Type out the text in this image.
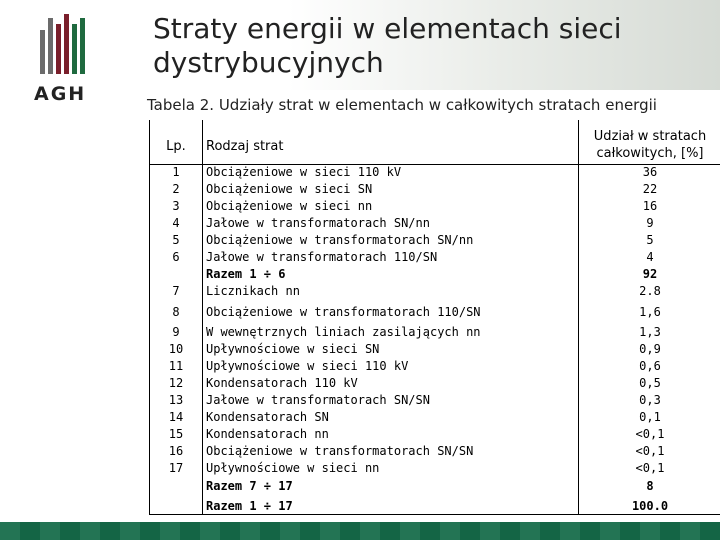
AGH
Straty energii w elementach sieci
dystrybucyjnych
Tabela 2. Udziały strat w elementach w całkowitych stratach energii
Lp.	Rodzaj strat
Udział w stratach
całkowitych, [%]
1	Obciążeniowe w sieci 110 kV	36
2	Obciążeniowe w sieci SN	22
3	Obciążeniowe w sieci nn	16
4	Jałowe w transformatorach SN/nn	9
5	Obciążeniowe w transformatorach SN/nn	5
6	Jałowe w transformatorach 110/SN	4
Razem 1 ÷ 6	92
7	Licznikach nn	2.8
8	Obciążeniowe w transformatorach 110/SN	1,6
9	W wewnętrznych liniach zasilających nn	1,3
10	Upływnościowe w sieci SN	0,9
11	Upływnościowe w sieci 110 kV	0,6
12	Kondensatorach 110 kV	0,5
13	Jałowe w transformatorach SN/SN	0,3
14	Kondensatorach SN	0,1
15	Kondensatorach nn	<0,1
16	Obciążeniowe w transformatorach SN/SN	<0,1
17	Upływnościowe w sieci nn	<0,1
Razem 7 ÷ 17	8
Razem 1 ÷ 17	100.0
